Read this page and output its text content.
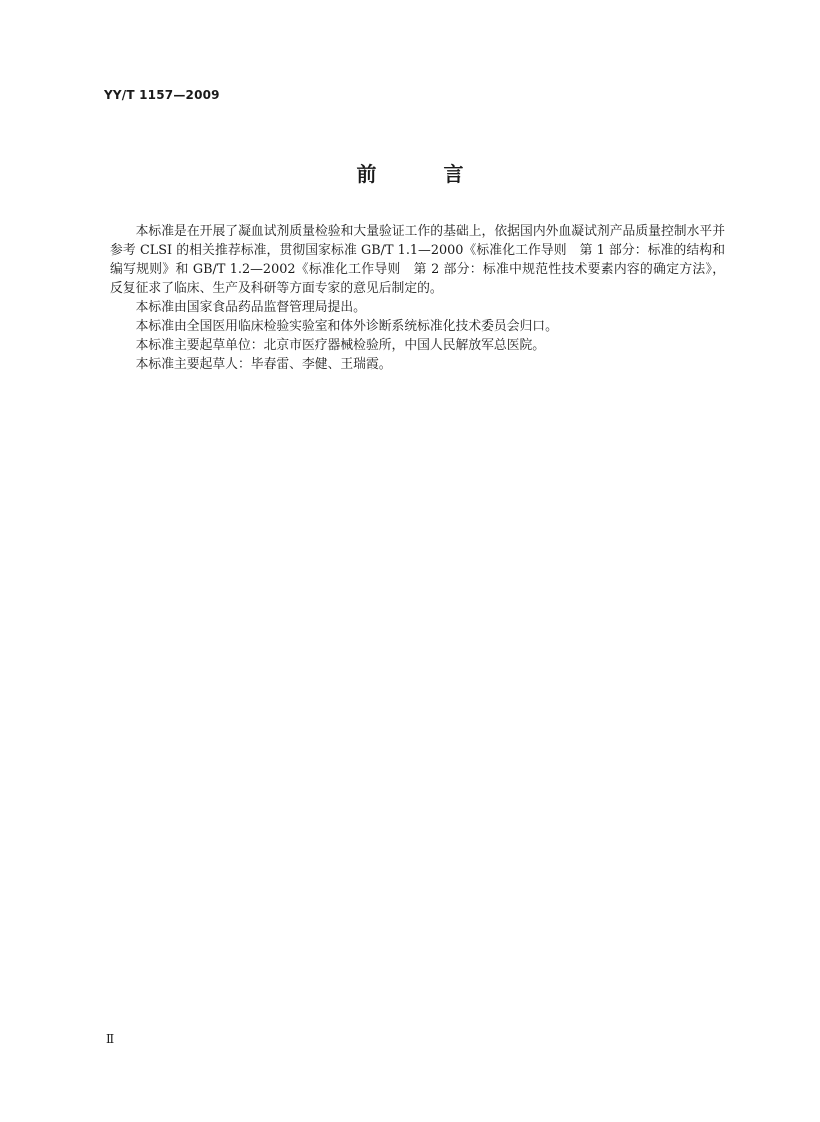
YY/T 1157—2009

前 言

本标准是在开展了凝血试剂质量检验和大量验证工作的基础上，依据国内外血凝试剂产品质量控制水平并参考 CLSI 的相关推荐标准，贯彻国家标准 GB/T 1.1—2000《标准化工作导则　第 1 部分：标准的结构和编写规则》和 GB/T 1.2—2002《标准化工作导则　第 2 部分：标准中规范性技术要素内容的确定方法》，反复征求了临床、生产及科研等方面专家的意见后制定的。

本标准由国家食品药品监督管理局提出。

本标准由全国医用临床检验实验室和体外诊断系统标准化技术委员会归口。

本标准主要起草单位：北京市医疗器械检验所，中国人民解放军总医院。

本标准主要起草人：毕春雷、李健、王瑞霞。

Ⅱ
